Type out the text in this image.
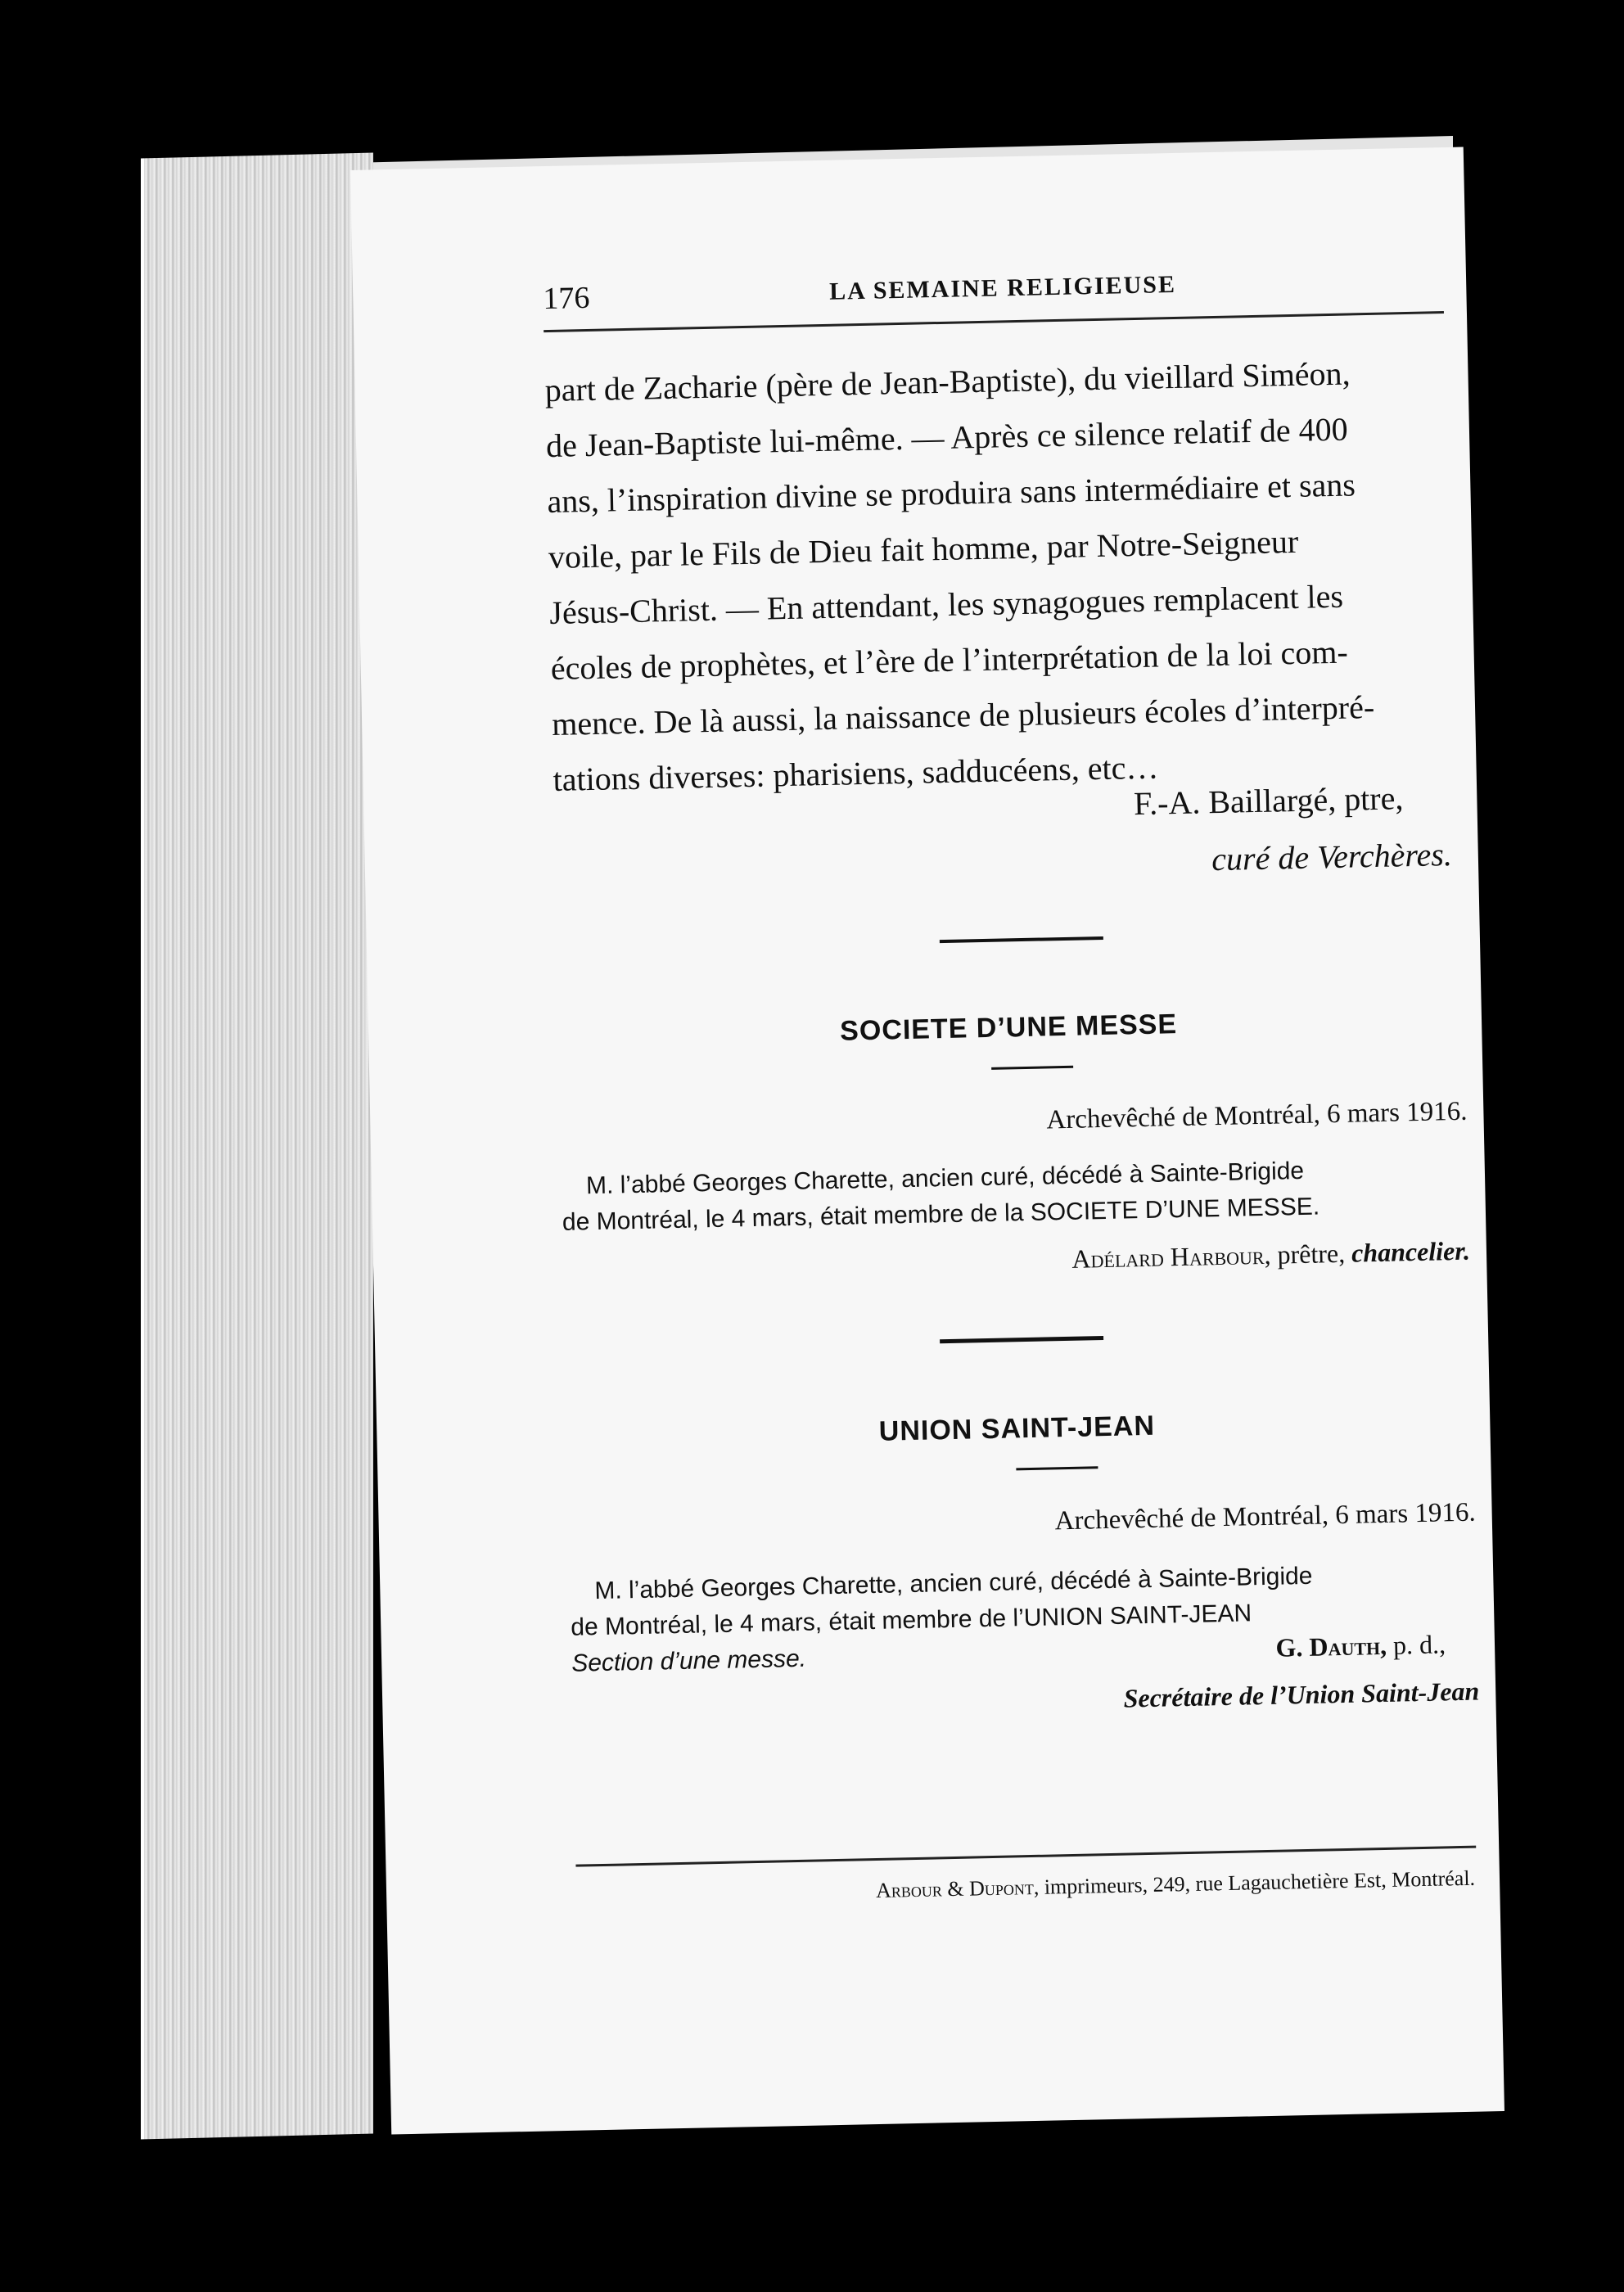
176	LA SEMAINE RELIGIEUSE
part de Zacharie (père de Jean-Baptiste), du vieillard Siméon,
de Jean-Baptiste lui-même. — Après ce silence relatif de 400
ans, l’inspiration divine se produira sans intermédiaire et sans
voile, par le Fils de Dieu fait homme, par Notre-Seigneur
Jésus-Christ. — En attendant, les synagogues remplacent les
écoles de prophètes, et l’ère de l’interprétation de la loi com-
mence. De là aussi, la naissance de plusieurs écoles d’interpré-
tations diverses: pharisiens, sadducéens, etc…
F.-A. Baillargé, ptre,
curé de Verchères.
SOCIETE D’UNE MESSE
Archevêché de Montréal, 6 mars 1916.
M. l’abbé Georges Charette, ancien curé, décédé à Sainte-Brigide
de Montréal, le 4 mars, était membre de la SOCIETE D’UNE MESSE.
Adélard Harbour, prêtre, chancelier.
UNION SAINT-JEAN
Archevêché de Montréal, 6 mars 1916.
M. l’abbé Georges Charette, ancien curé, décédé à Sainte-Brigide
de Montréal, le 4 mars, était membre de l’UNION SAINT-JEAN
Section d’une messe.	G. Dauth, p. d.,
Secrétaire de l’Union Saint-Jean
Arbour & Dupont, imprimeurs, 249, rue Lagauchetière Est, Montréal.
